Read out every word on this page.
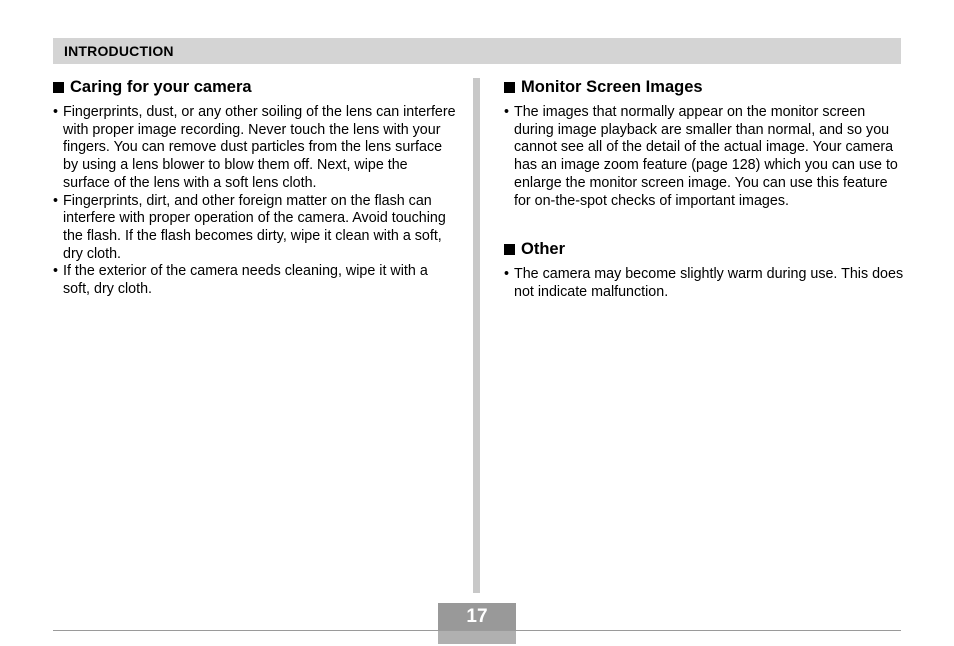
INTRODUCTION
Caring for your camera
• Fingerprints, dust, or any other soiling of the lens can interfere with proper image recording. Never touch the lens with your fingers. You can remove dust particles from the lens surface by using a lens blower to blow them off. Next, wipe the surface of the lens with a soft lens cloth.
• Fingerprints, dirt, and other foreign matter on the flash can interfere with proper operation of the camera. Avoid touching the flash. If the flash becomes dirty, wipe it clean with a soft, dry cloth.
• If the exterior of the camera needs cleaning, wipe it with a soft, dry cloth.
Monitor Screen Images
• The images that normally appear on the monitor screen during image playback are smaller than normal, and so you cannot see all of the detail of the actual image. Your camera has an image zoom feature (page 128) which you can use to enlarge the monitor screen image. You can use this feature for on-the-spot checks of important images.
Other
• The camera may become slightly warm during use. This does not indicate malfunction.
17
